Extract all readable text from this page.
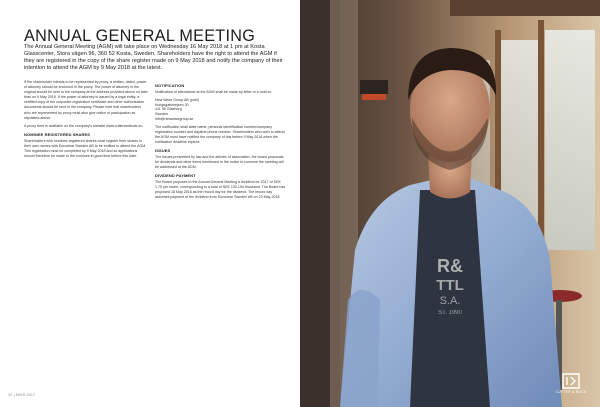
ANNUAL GENERAL MEETING
The Annual General Meeting (AGM) will take place on Wednesday 16 May 2018 at 1 pm at Kosta Glasscenter, Stora vägen 96, 360 52 Kosta, Sweden. Shareholders have the right to attend the AGM if they are registered in the copy of the share register made on 9 May 2018 and notify the company of their intention to attend the AGM by 9 May 2018 at the latest.

If the shareholder intends to be represented by proxy, a written, dated, power of attorney should be enclosed in the proxy. The power of attorney in the original should be sent to the company at the address provided above no later than on 9 May 2018. If the power of attorney is issued by a legal entity, a certified copy of the corporate registration certificate and other authorisation documents should be sent to the company. Please note that shareholders who are represented by proxy must also give notice of participation as stipulated above.

A proxy form is available on the company's website www.cutterandbuck.eu.

NOMINEE REGISTERED SHARES

Shareholders with nominee-registered shares must register their shares in their own names with Euroclear Sweden AB to be entitled to attend the AGM. This registration must be completed by 9 May 2018 and so applications should therefore be made to the nominee in good time before this date.

NOTIFICATION

Notification of attendance at the AGM shall be made by letter or e-mail to:

New Wave Group AB (publ)
Kungsgatsmejsen 30
411 96 Göteborg
Sweden
info@newwavegroup.se

The notification shall state name, personal identification number/company registration number and daytime phone number. Shareholders who wish to attend the AGM must have notified the company of this before 9 May 2018 when the notification deadline expires.

ISSUES

The issues prescribed by law and the articles of association, the board proposals for dividends and other items mentioned in the notice to convene the meeting will be addressed at the AGM.

DIVIDEND PAYMENT

The Board proposes to the Annual General Meeting a dividend for 2017 of SEK 1.75 per share, corresponding to a total of SEK 132.194 thousand. The Board has proposed 18 May 2018 as the record day for the dividend. The record day assumes payment of the dividend from Euroclear Sweden AB on 23 May 2018.

30 | MWS 2017
R&
TTL
S.A.
ST. 1990
CUTTER & BUCK
